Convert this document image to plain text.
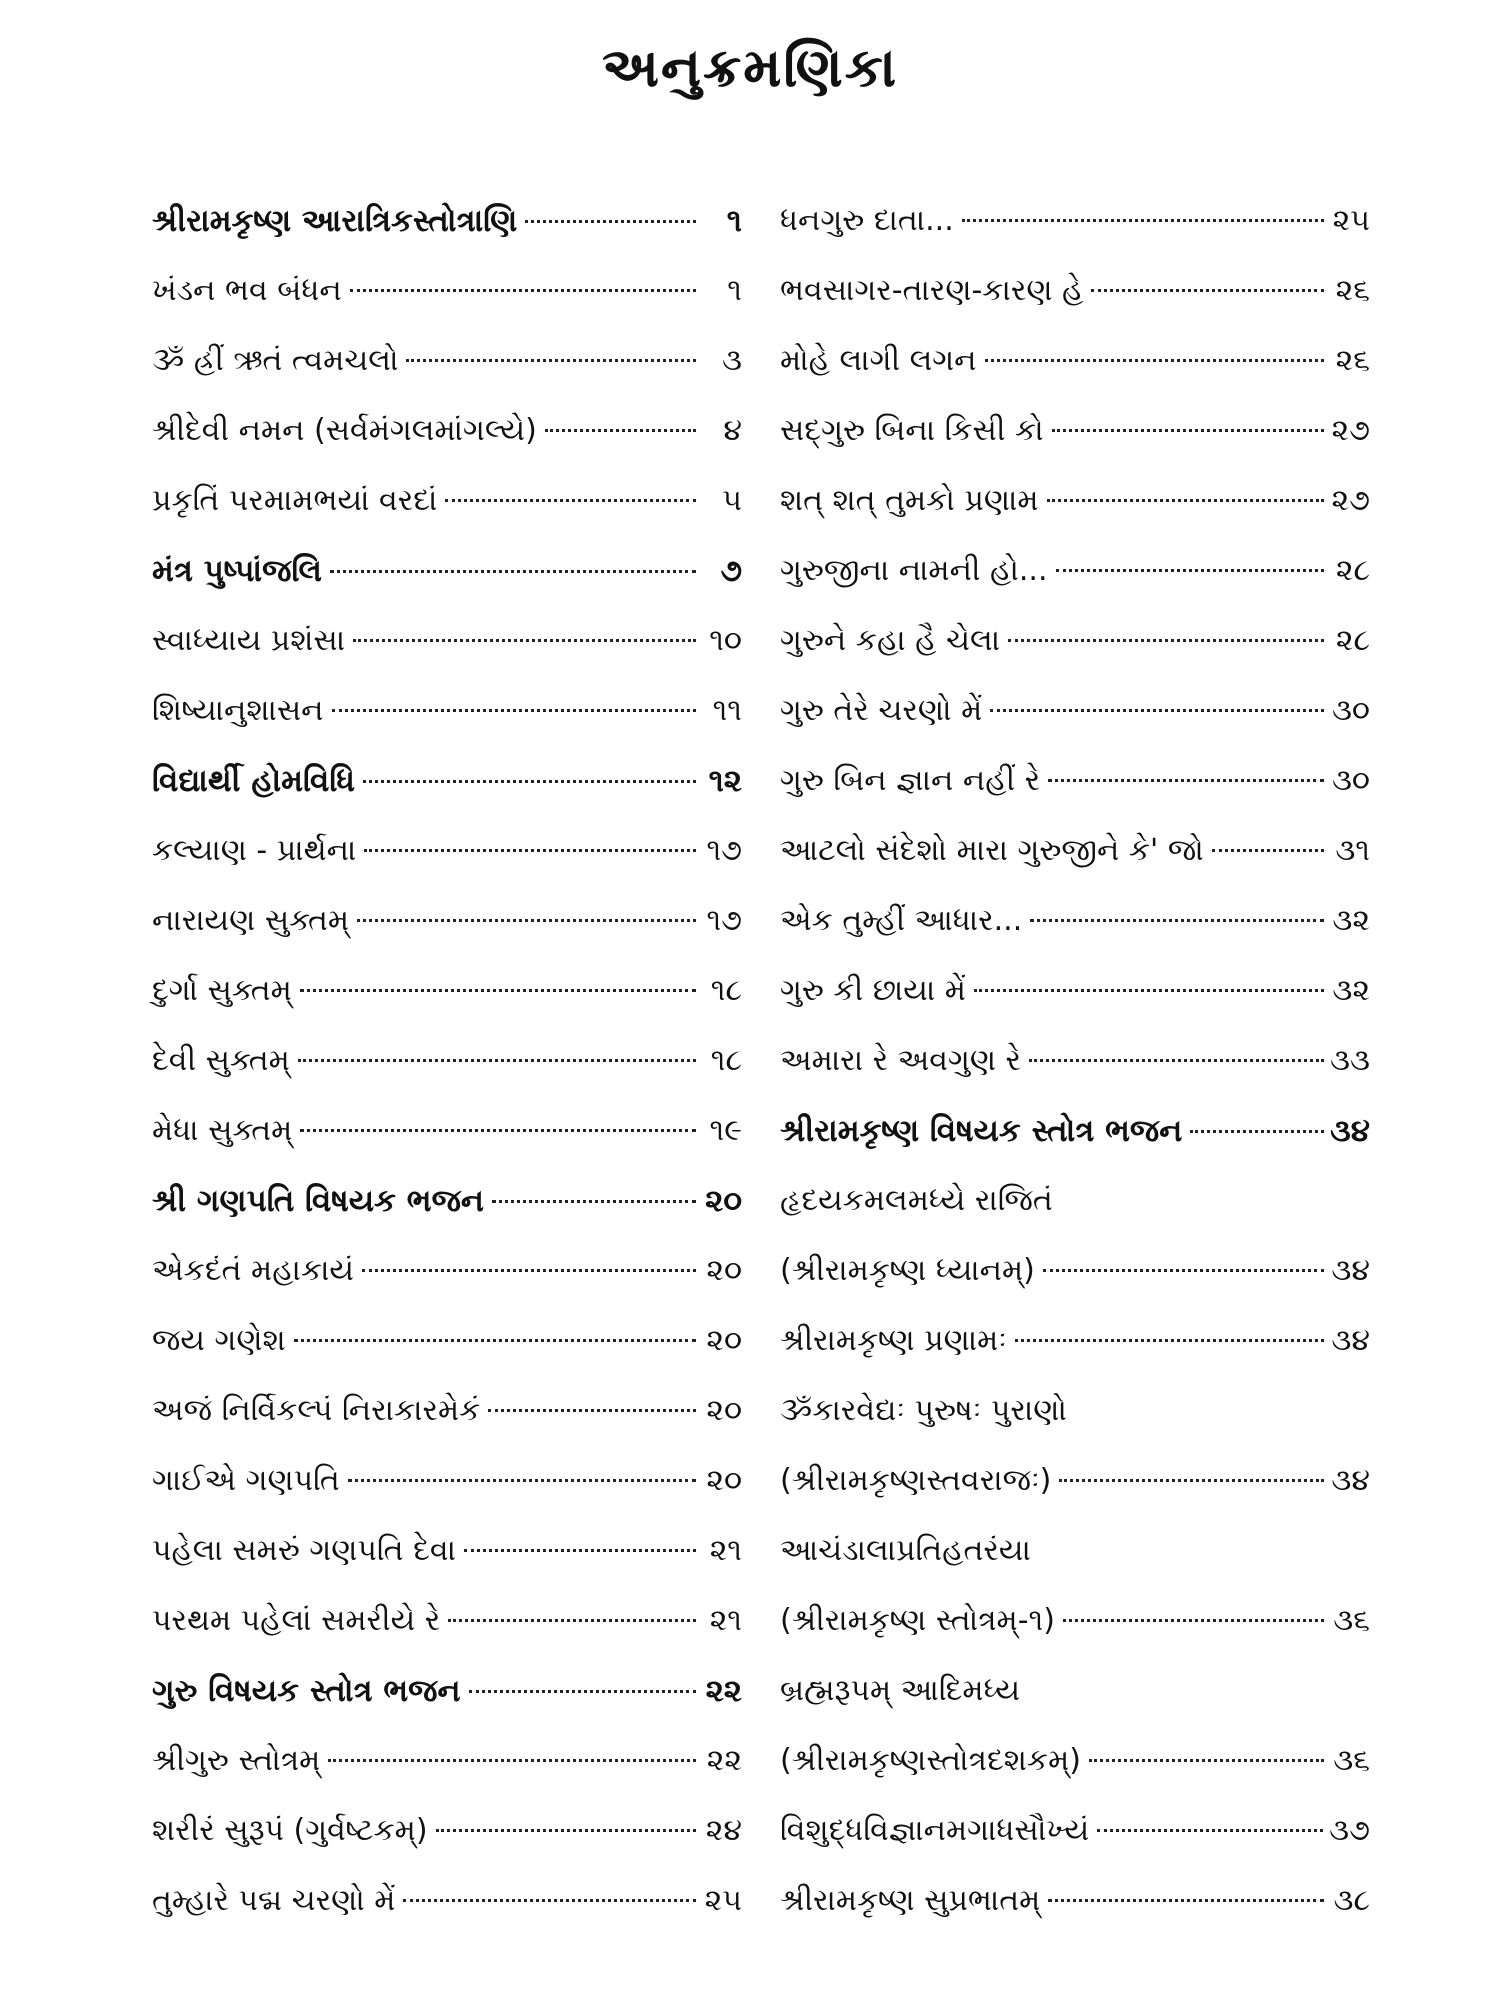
અનુક્રમણિકા
શ્રીરામકૃષ્ણ આરાત્રિકસ્તોત્રાણિ	૧
ખંડન ભવ બંધન	૧
ૐ હ્રીં ઋતં ત્વમચલો	૩
શ્રીદેવી નમન (સર્વમંગલમાંગલ્યે)	૪
પ્રકૃતિં પરમામભયાં વરદાં	૫
મંત્ર પુષ્પાંજલિ	૭
સ્વાધ્યાય પ્રશંસા	૧૦
શિષ્યાનુશાસન	૧૧
વિદ્યાર્થી હોમવિધિ	૧૨
કલ્યાણ - પ્રાર્થના	૧૭
નારાયણ સુક્તમ્	૧૭
દુર્ગા સુક્તમ્	૧૮
દેવી સુક્તમ્	૧૮
મેધા સુક્તમ્	૧૯
શ્રી ગણપતિ વિષયક ભજન	૨૦
એકદંતં મહાકાયં	૨૦
જય ગણેશ	૨૦
અજં નિર્વિકલ્પં નિરાકારમેકં	૨૦
ગાઈએ ગણપતિ	૨૦
પહેલા સમરું ગણપતિ દેવા	૨૧
પરથમ પહેલાં સમરીયે રે	૨૧
ગુરુ વિષયક સ્તોત્ર ભજન	૨૨
શ્રીગુરુ સ્તોત્રમ્	૨૨
શરીરં સુરૂપં (ગુર્વષ્ટકમ્)	૨૪
તુમ્હારે પદ્મ ચરણો મેં	૨૫
ધનગુરુ દાતા...	૨૫
ભવસાગર-તારણ-કારણ હે	૨૬
મોહે લાગી લગન	૨૬
સદ્ગુરુ બિના કિસી કો	૨૭
શત્ શત્ તુમકો પ્રણામ	૨૭
ગુરુજીના નામની હો...	૨૮
ગુરુને કહા હૈ ચેલા	૨૮
ગુરુ તેરે ચરણો મેં	૩૦
ગુરુ બિન જ્ઞાન નહીં રે	૩૦
આટલો સંદેશો મારા ગુરુજીને કે' જો	૩૧
એક તુમ્હીં આધાર...	૩૨
ગુરુ કી છાયા મેં	૩૨
અમારા રે અવગુણ રે	૩૩
શ્રીરામકૃષ્ણ વિષયક સ્તોત્ર ભજન	૩૪
હૃદયકમલમધ્યે રાજિતં
(શ્રીરામકૃષ્ણ ધ્યાનમ્)	૩૪
શ્રીરામકૃષ્ણ પ્રણામઃ	૩૪
ૐકારવેદ્યઃ પુરુષઃ પુરાણો
(શ્રીરામકૃષ્ણસ્તવરાજઃ)	૩૪
આચંડાલાપ્રતિહતરંયા
(શ્રીરામકૃષ્ણ સ્તોત્રમ્-૧)	૩૬
બ્રહ્મરૂપમ્ આદિમધ્ય
(શ્રીરામકૃષ્ણસ્તોત્રદશકમ્)	૩૬
વિશુદ્ધવિજ્ઞાનમગાધસૌખ્યં	૩૭
શ્રીરામકૃષ્ણ સુપ્રભાતમ્	૩૮
